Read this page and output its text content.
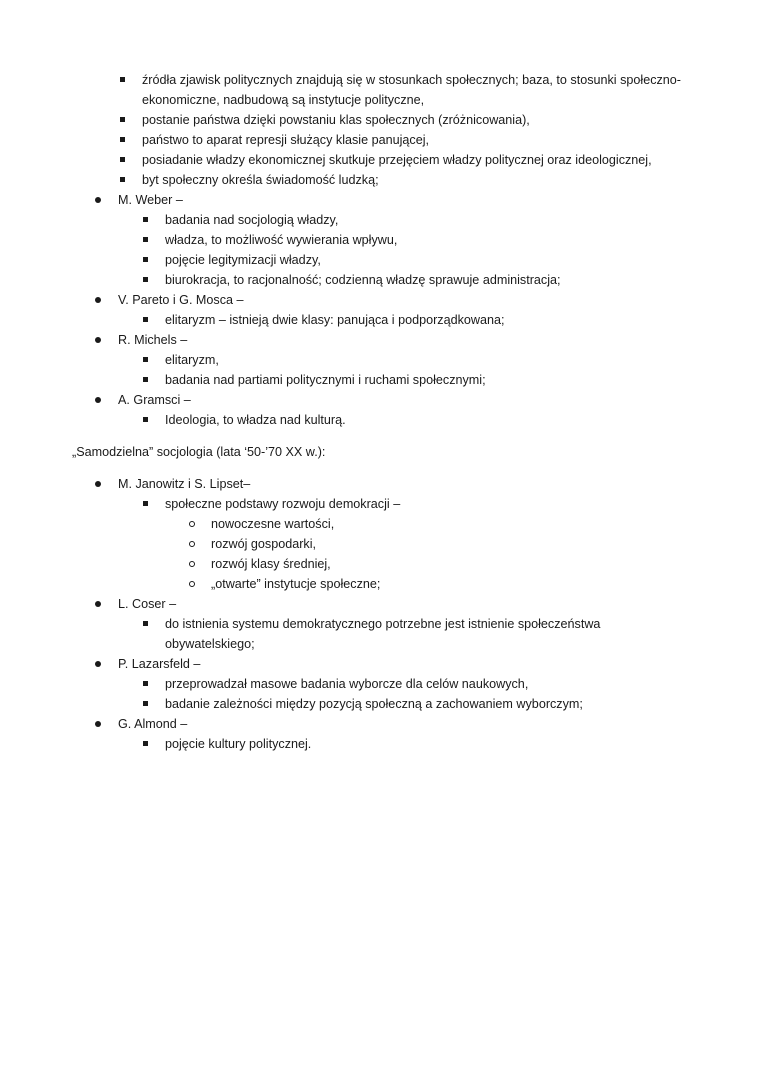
źródła zjawisk politycznych znajdują się w stosunkach społecznych; baza, to stosunki społeczno-
ekonomiczne, nadbudową są instytucje polityczne,
postanie państwa dzięki powstaniu klas społecznych (zróżnicowania),
państwo to aparat represji służący klasie panującej,
posiadanie władzy ekonomicznej skutkuje przejęciem władzy politycznej oraz ideologicznej,
byt społeczny określa świadomość ludzką;
M. Weber –
badania nad socjologią władzy,
władza, to możliwość wywierania wpływu,
pojęcie legitymizacji władzy,
biurokracja, to racjonalność; codzienną władzę sprawuje administracja;
V. Pareto i G. Mosca –
elitaryzm – istnieją dwie klasy: panująca i podporządkowana;
R. Michels –
elitaryzm,
badania nad partiami politycznymi i ruchami społecznymi;
A. Gramsci –
Ideologia, to władza nad kulturą.
„Samodzielna” socjologia (lata ‘50-’70 XX w.):
M. Janowitz i S. Lipset–
społeczne podstawy rozwoju demokracji –
nowoczesne wartości,
rozwój gospodarki,
rozwój klasy średniej,
„otwarte” instytucje społeczne;
L. Coser –
do istnienia systemu demokratycznego potrzebne jest istnienie społeczeństwa
obywatelskiego;
P. Lazarsfeld –
przeprowadzał masowe badania wyborcze dla celów naukowych,
badanie zależności między pozycją społeczną a zachowaniem wyborczym;
G. Almond –
pojęcie kultury politycznej.
